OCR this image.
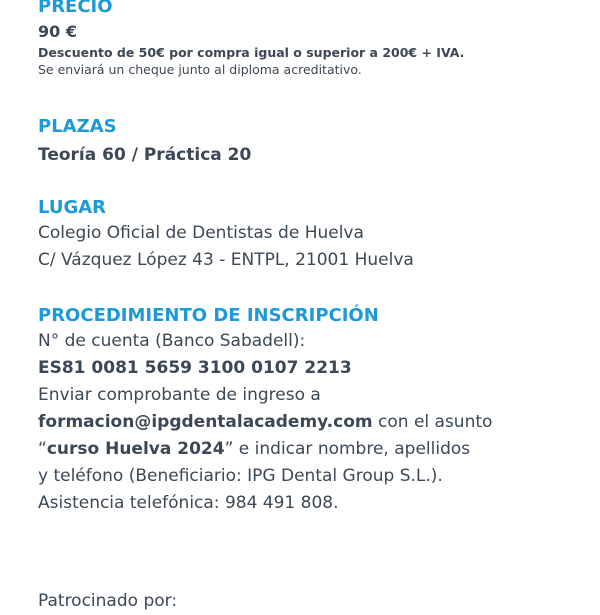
PRECIO
90 €
Descuento de 50€ por compra igual o superior a 200€ + IVA.
Se enviará un cheque junto al diploma acreditativo.
PLAZAS
Teoría 60 / Práctica 20
LUGAR
Colegio Oficial de Dentistas de Huelva
C/ Vázquez López 43 - ENTPL, 21001 Huelva
PROCEDIMIENTO DE INSCRIPCIÓN
N° de cuenta (Banco Sabadell):
ES81 0081 5659 3100 0107 2213
Enviar comprobante de ingreso a
formacion@ipgdentalacademy.com con el asunto
“curso Huelva 2024” e indicar nombre, apellidos
y teléfono (Beneficiario: IPG Dental Group S.L.).
Asistencia telefónica: 984 491 808.
Patrocinado por:
